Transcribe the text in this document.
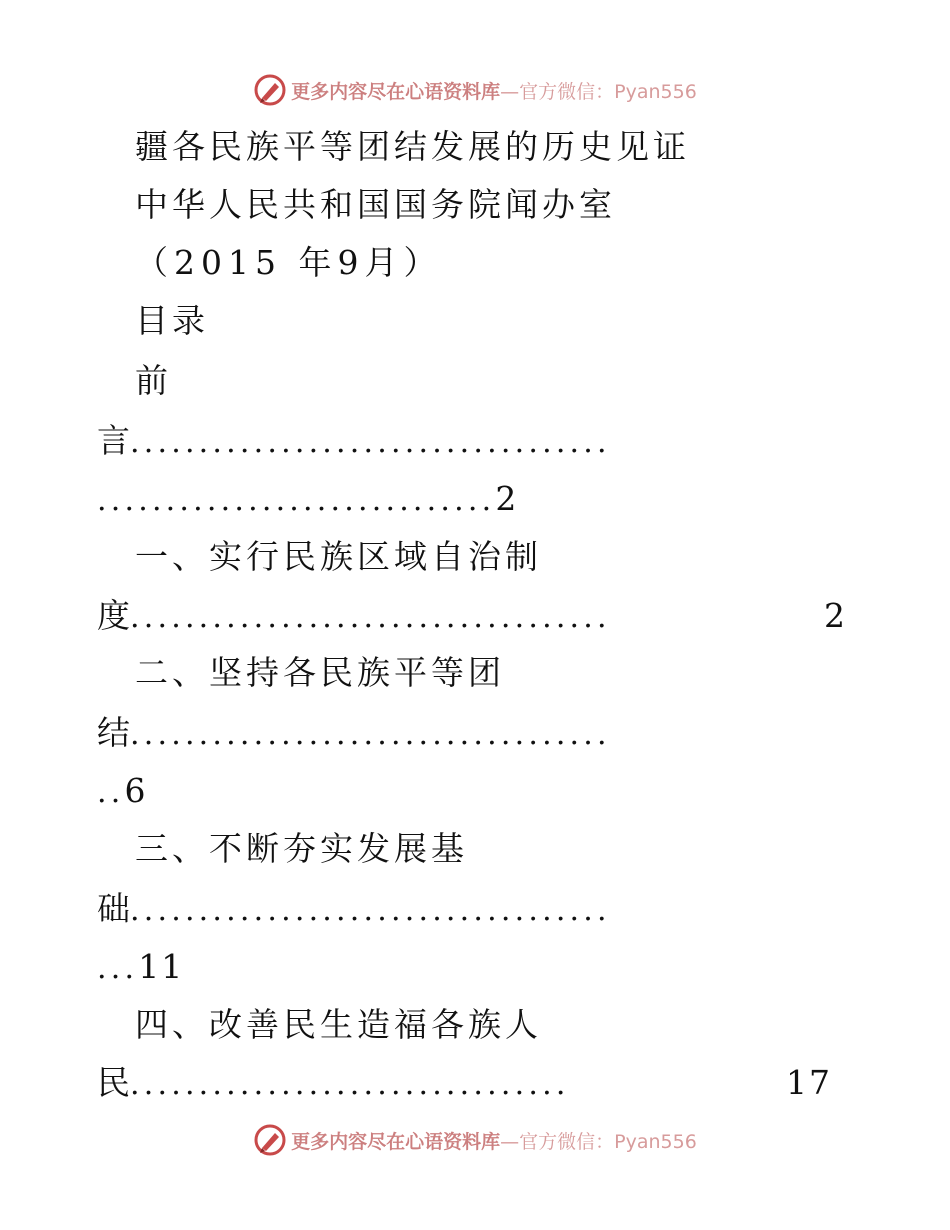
更多内容尽在心语资料库—官方微信：Pyan556
疆各民族平等团结发展的历史见证
中华人民共和国国务院闻办室
（2015 年9月）
目录
前
言 ...................................
.............................2
一、实行民族区域自治制
度 ...................................	2
二、坚持各民族平等团
结 ...................................
..6
三、不断夯实发展基
础 ...................................
...11
四、改善民生造福各族人
民 ................................	17
更多内容尽在心语资料库—官方微信：Pyan556
